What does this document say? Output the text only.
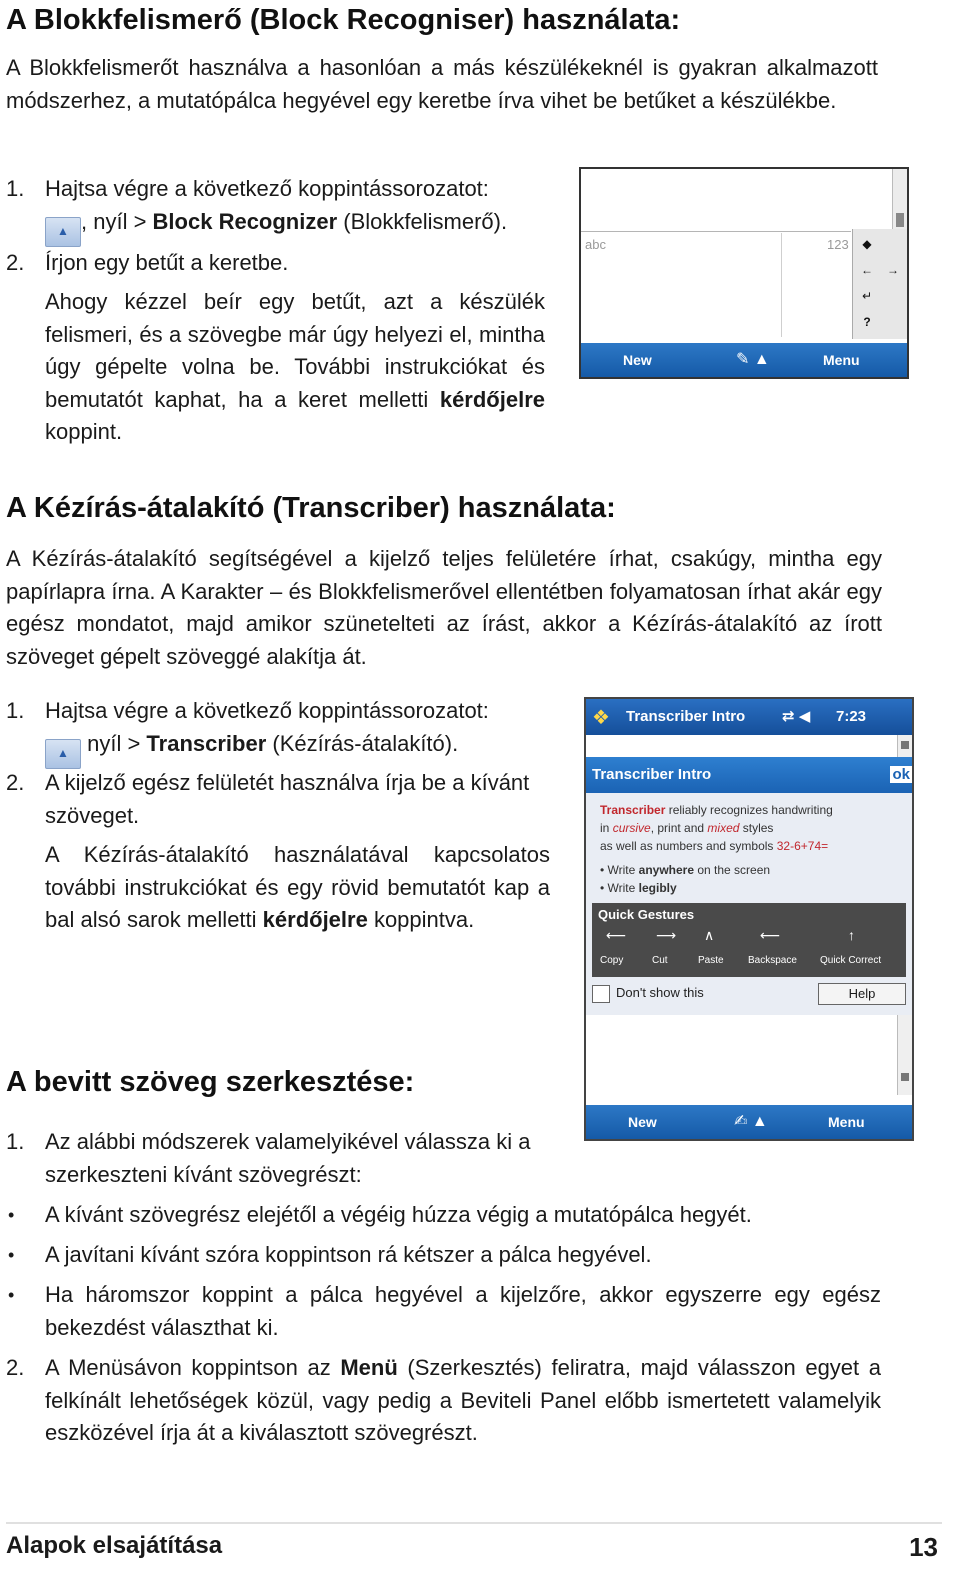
A Blokkfelismerő (Block Recogniser) használata:

A Blokkfelismerőt használva a hasonlóan a más készülékeknél is gyakran alkalmazott módszerhez, a mutatópálca hegyével egy keretbe írva vihet be betűket a készülékbe.

1. Hajtsa végre a következő koppintássorozatot:
▲ , nyíl > Block Recognizer (Blokkfelismerő).
2. Írjon egy betűt a keretbe.

Ahogy kézzel beír egy betűt, azt a készülék felismeri, és a szövegbe már úgy helyezi el, mintha úgy gépelte volna be. További instrukciókat és bemutatót kaphat, ha a keret melletti kérdőjelre koppint.

abc	123	◆
←	→
↵
?
New	✎ ▲	Menu
A Kézírás-átalakító (Transcriber) használata:

A Kézírás-átalakító segítségével a kijelző teljes felületére írhat, csakúgy, mintha egy papírlapra írna. A Karakter – és Blokkfelismerővel ellentétben folyamatosan írhat akár egy egész mondatot, majd amikor szünetelteti az írást, akkor a Kézírás-átalakító az írott szöveget gépelt szöveggé alakítja át.

1. Hajtsa végre a következő koppintássorozatot:
▲ nyíl > Transcriber (Kézírás-átalakító).
2. A kijelző egész felületét használva írja be a kívánt szöveget.

A Kézírás-átalakító használatával kapcsolatos további instrukciókat és egy rövid bemutatót kap a bal alsó sarok melletti kérdőjelre koppintva.

❖ Transcriber Intro ⇄ ◀ 7:23
Transcriber Intro	ok
Transcriber reliably recognizes handwriting
in cursive, print and mixed styles
as well as numbers and symbols 32-6+74=
• Write anywhere on the screen
• Write legibly
Quick Gestures
⟵ ⟶ ∧	⟵	↑
Copy	Cut	Paste Backspace Quick Correct
Don't show this	Help
New	✍ ▲	Menu
A bevitt szöveg szerkesztése:
1. Az alábbi módszerek valamelyikével válassza ki a szerkeszteni kívánt szövegrészt:
• A kívánt szövegrész elejétől a végéig húzza végig a mutatópálca hegyét.
• A javítani kívánt szóra koppintson rá kétszer a pálca hegyével.
• Ha háromszor koppint a pálca hegyével a kijelzőre, akkor egyszerre egy egész bekezdést választhat ki.
2. A Menüsávon koppintson az Menü (Szerkesztés) feliratra, majd válasszon egyet a felkínált lehetőségek közül, vagy pedig a Beviteli Panel előbb ismertetett valamelyik eszközével írja át a kiválasztott szövegrészt.

Alapok elsajátítása	13
